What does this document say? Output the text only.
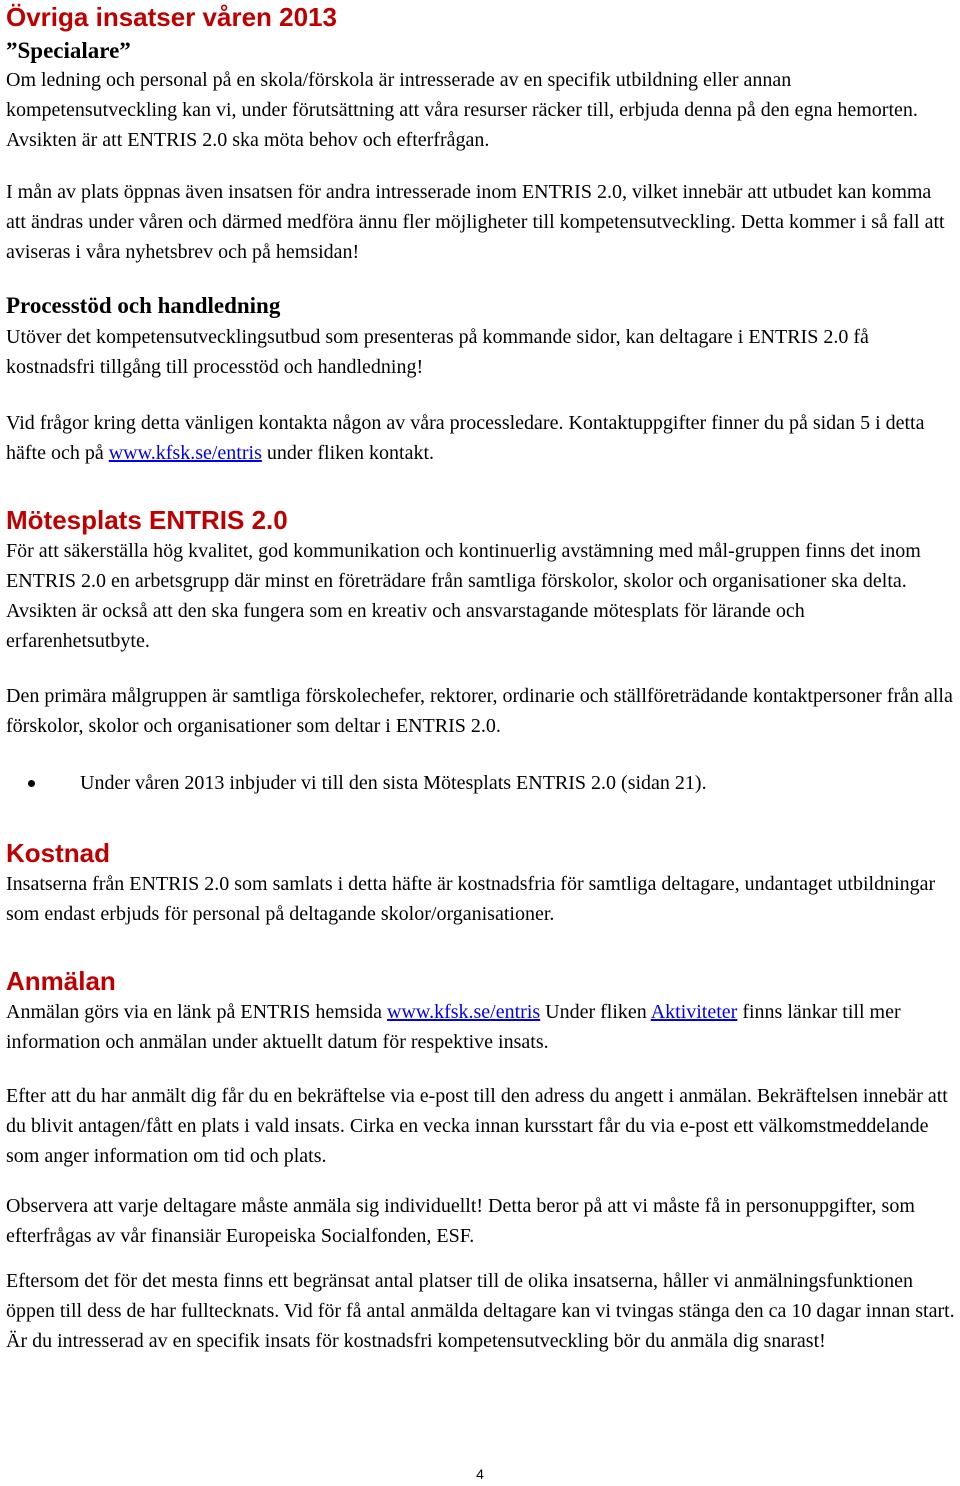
Övriga insatser våren 2013
”Specialare”

Om ledning och personal på en skola/förskola är intresserade av en specifik utbildning eller annan kompetensutveckling kan vi, under förutsättning att våra resurser räcker till, erbjuda denna på den egna hemorten. Avsikten är att ENTRIS 2.0 ska möta behov och efterfrågan.

I mån av plats öppnas även insatsen för andra intresserade inom ENTRIS 2.0, vilket innebär att utbudet kan komma att ändras under våren och därmed medföra ännu fler möjligheter till kompetensutveckling. Detta kommer i så fall att aviseras i våra nyhetsbrev och på hemsidan!

Processtöd och handledning

Utöver det kompetensutvecklingsutbud som presenteras på kommande sidor, kan deltagare i ENTRIS 2.0 få kostnadsfri tillgång till processtöd och handledning!

Vid frågor kring detta vänligen kontakta någon av våra processledare. Kontaktuppgifter finner du på sidan 5 i detta häfte och på www.kfsk.se/entris under fliken kontakt.

Mötesplats ENTRIS 2.0

För att säkerställa hög kvalitet, god kommunikation och kontinuerlig avstämning med mål-gruppen finns det inom ENTRIS 2.0 en arbetsgrupp där minst en företrädare från samtliga förskolor, skolor och organisationer ska delta. Avsikten är också att den ska fungera som en kreativ och ansvarstagande mötesplats för lärande och erfarenhetsutbyte.

Den primära målgruppen är samtliga förskolechefer, rektorer, ordinarie och ställföreträdande kontaktpersoner från alla förskolor, skolor och organisationer som deltar i ENTRIS 2.0.

Under våren 2013 inbjuder vi till den sista Mötesplats ENTRIS 2.0 (sidan 21).
Kostnad

Insatserna från ENTRIS 2.0 som samlats i detta häfte är kostnadsfria för samtliga deltagare, undantaget utbildningar som endast erbjuds för personal på deltagande skolor/organisationer.

Anmälan

Anmälan görs via en länk på ENTRIS hemsida www.kfsk.se/entris Under fliken Aktiviteter finns länkar till mer information och anmälan under aktuellt datum för respektive insats.

Efter att du har anmält dig får du en bekräftelse via e-post till den adress du angett i anmälan. Bekräftelsen innebär att du blivit antagen/fått en plats i vald insats. Cirka en vecka innan kursstart får du via e-post ett välkomstmeddelande som anger information om tid och plats.

Observera att varje deltagare måste anmäla sig individuellt! Detta beror på att vi måste få in personuppgifter, som efterfrågas av vår finansiär Europeiska Socialfonden, ESF.

Eftersom det för det mesta finns ett begränsat antal platser till de olika insatserna, håller vi anmälningsfunktionen öppen till dess de har fulltecknats. Vid för få antal anmälda deltagare kan vi tvingas stänga den ca 10 dagar innan start. Är du intresserad av en specifik insats för kostnadsfri kompetensutveckling bör du anmäla dig snarast!

4
